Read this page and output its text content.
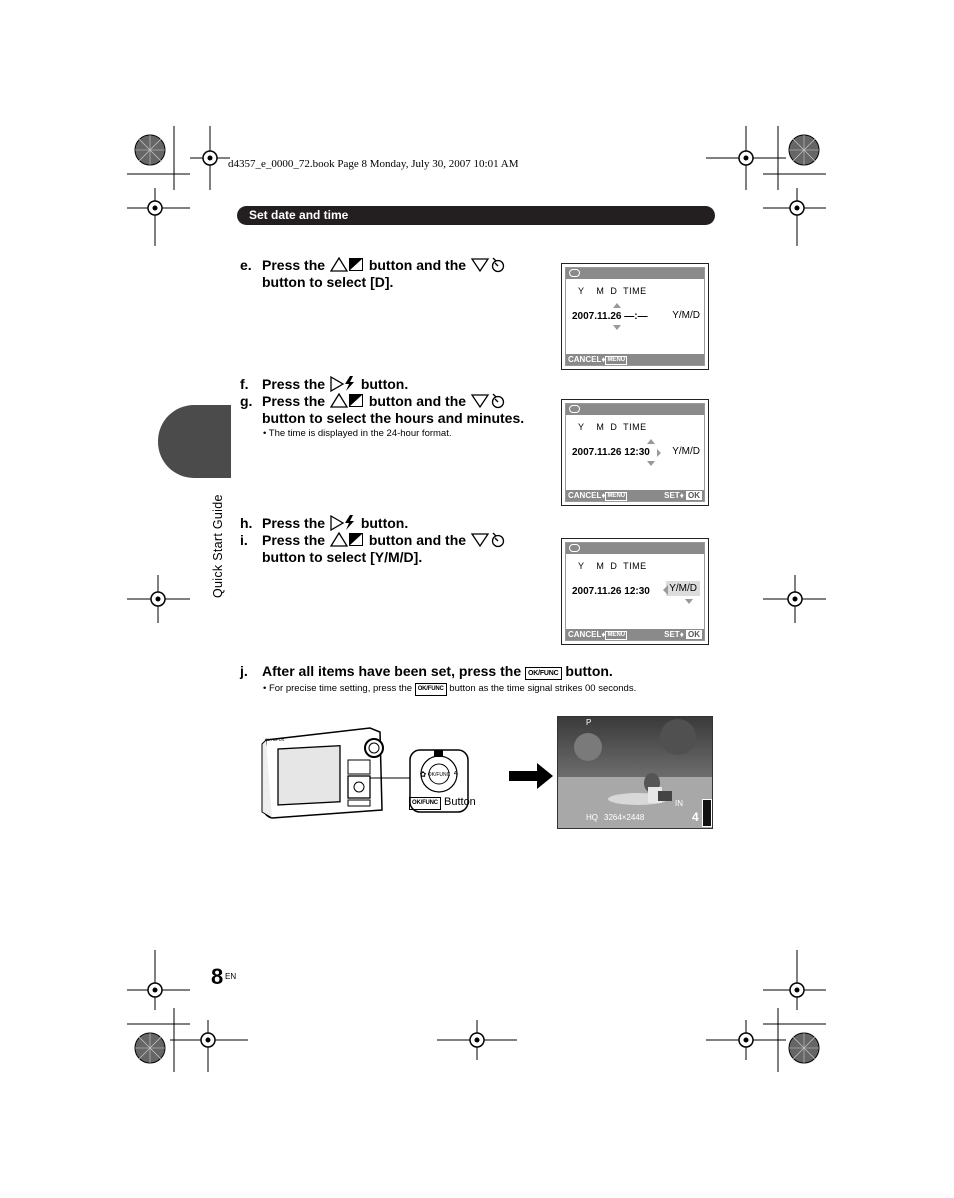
d4357_e_0000_72.book Page 8 Monday, July 30, 2007 10:01 AM
Set date and time
Quick Start Guide
e. Press the	button and the
button to select [D].
f. Press the	button.
g. Press the	button and the
button to select the hours and minutes.
• The time is displayed in the 24-hour format.
h. Press the	button.
i. Press the	button and the
button to select [Y/M/D].
j. After all items have been set, press the OK/FUNC button.
• For precise time setting, press the OK/FUNC button as the time signal strikes 00 seconds.
Y    M  D  TIME
2007.11.26 —:— Y/M/D
CANCEL♦ MENU
Y    M  D  TIME
2007.11.26 12:30 Y/M/D
CANCEL♦ MENU	SET♦ OK
Y    M  D  TIME
2007.11.26 12:30	Y/M/D
CANCEL♦ MENU	SET♦ OK
OK/FUNC
✿	ϟ
OLYMPUS
OK/FUNC Button
P
IN
HQ 3264×2448	4
8 EN
